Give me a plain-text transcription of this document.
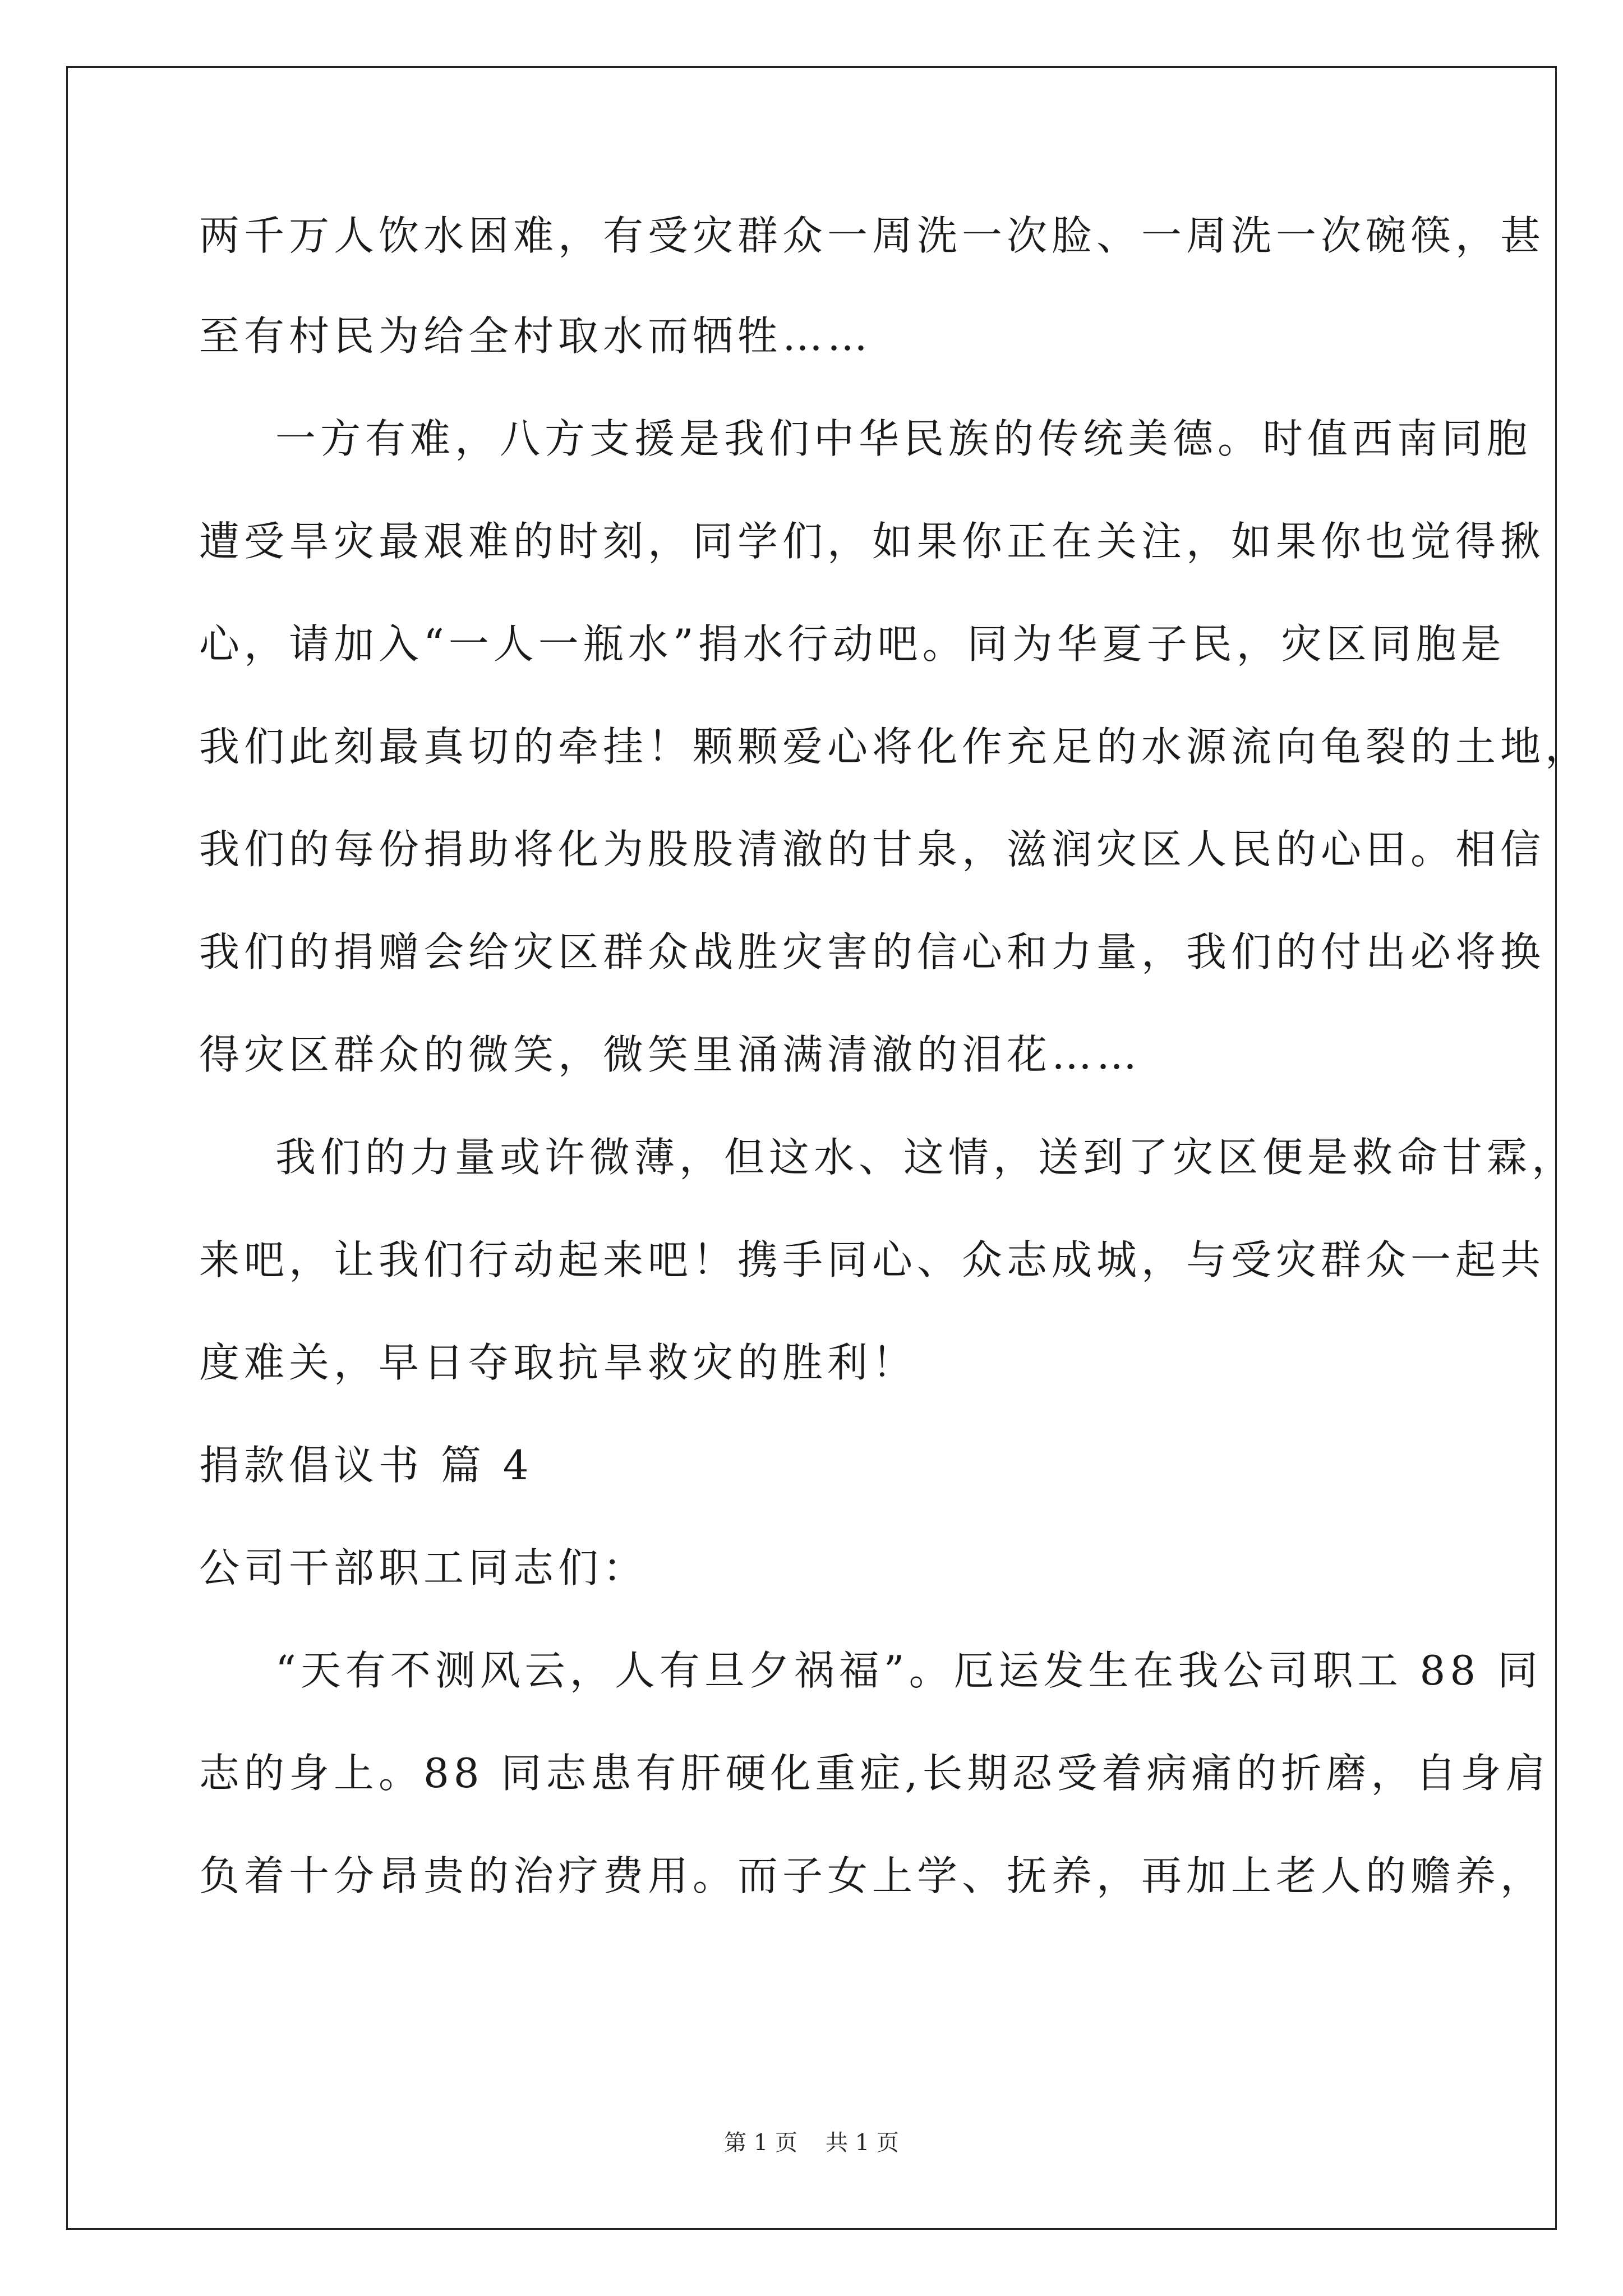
两千万人饮水困难，有受灾群众一周洗一次脸、一周洗一次碗筷，甚
至有村民为给全村取水而牺牲……
一方有难，八方支援是我们中华民族的传统美德。时值西南同胞
遭受旱灾最艰难的时刻，同学们，如果你正在关注，如果你也觉得揪
心，请加入“一人一瓶水”捐水行动吧。同为华夏子民，灾区同胞是
我们此刻最真切的牵挂！颗颗爱心将化作充足的水源流向龟裂的土地，
我们的每份捐助将化为股股清澈的甘泉，滋润灾区人民的心田。相信
我们的捐赠会给灾区群众战胜灾害的信心和力量，我们的付出必将换
得灾区群众的微笑，微笑里涌满清澈的泪花……
我们的力量或许微薄，但这水、这情，送到了灾区便是救命甘霖，
来吧，让我们行动起来吧！携手同心、众志成城，与受灾群众一起共
度难关，早日夺取抗旱救灾的胜利！
捐款倡议书 篇 4
公司干部职工同志们：
“天有不测风云，人有旦夕祸福”。厄运发生在我公司职工 88 同
志的身上。88 同志患有肝硬化重症,长期忍受着病痛的折磨，自身肩
负着十分昂贵的治疗费用。而子女上学、抚养，再加上老人的赡养，
第 1 页 共 1 页
